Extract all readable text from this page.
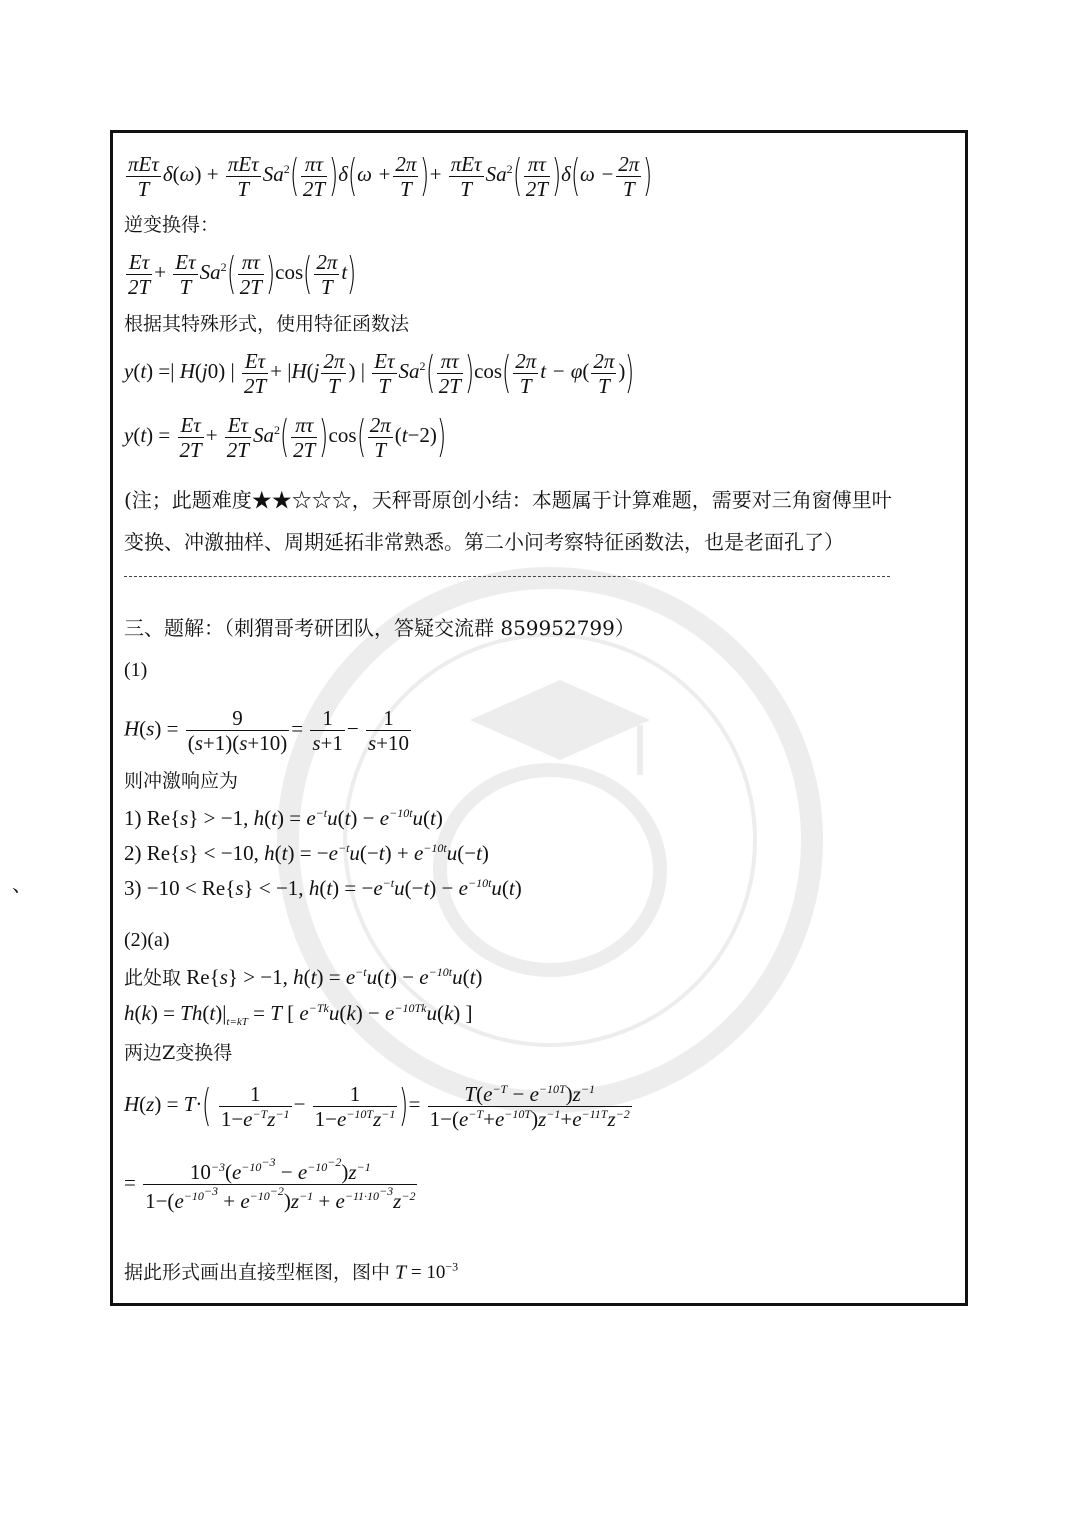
、
$\frac{\text{πEτ}}{T} \delta(\omega) + \frac{\text{πEτ}}{T} Sa^2( \frac{\pi\tau}{2T} )\delta(\omega + \frac{2\pi}{T}$ )+ $\frac{\text{πEτ}}{T} Sa^2( \frac{\pi\tau}{2T} )\delta(\omega - \frac{2\pi}{T}$ )
逆变换得：
$\frac{E\tau}{2T} + \frac{E\tau}{T} Sa^2( \frac{\pi\tau}{2T} )\cos( \frac{2\pi}{T} t)$
根据其特殊形式，使用特征函数法
y(t) =| H(j0) | $\frac{E\tau}{2T} + |H(j \frac{2\pi}{T}$ ) | $\frac{E\tau}{T} Sa^2( \frac{\pi\tau}{2T} )\cos( \frac{2\pi}{T}$ $t - \varphi( \frac{2\pi}{T}$ ))
$y(t) = \frac{E\tau}{2T} + \frac{E\tau}{2T} Sa^2( \frac{\pi\tau}{2T} )\cos( \frac{2\pi}{T} (t-2))$
(注；此题难度★★☆☆☆，天秤哥原创小结：本题属于计算难题，需要对三角窗傅里叶
变换、冲激抽样、周期延拓非常熟悉。第二小问考察特征函数法，也是老面孔了）
三、题解：（刺猬哥考研团队，答疑交流群 859952799）
(1)
$H(s) = \frac{9}{(s+1)(s+10)} = \frac{1}{s+1} - \frac{1}{s+10}$
则冲激响应为
1) Re{s} > −1, $h(t) = e^{-t}u(t) - e^{-10t}u(t)$
2) Re{s} < −10, $h(t) = -e^{-t}u(-t) + e^{-10t}u(-t)$
3) −10 < Re{s} < −1, $h(t) = -e^{-t}u(-t) - e^{-10t}u(t)$
(2)(a)
此处取 Re{s} > −1, $h(t) = e^{-t}u(t) - e^{-10t}u(t)$
$h(k) = Th(t)|_{t=kT} = T$ [ $e^{-Tk}u(k) - e^{-10Tk}u(k)$ ]
两边Z变换得
$H(z) = T\cdot( \frac{1}{1-e^{-T}z^{-1}} - \frac{1}{1-e^{-10T}z^{-1}}$ )= $\frac{T(e^{-T} - e^{-10T})z^{-1}}{1-(e^{-T}+e^{-10T})z^{-1}+e^{-11T}z^{-2}}$
= $\frac{10^{-3}(e^{-10^{-3}} - e^{-10^{-2}})z^{-1}}{1-(e^{-10^{-3}} + e^{-10^{-2}})z^{-1} + e^{-11\cdot 10^{-3}}z^{-2}}$
据此形式画出直接型框图，图中 $T = 10^{-3}$
